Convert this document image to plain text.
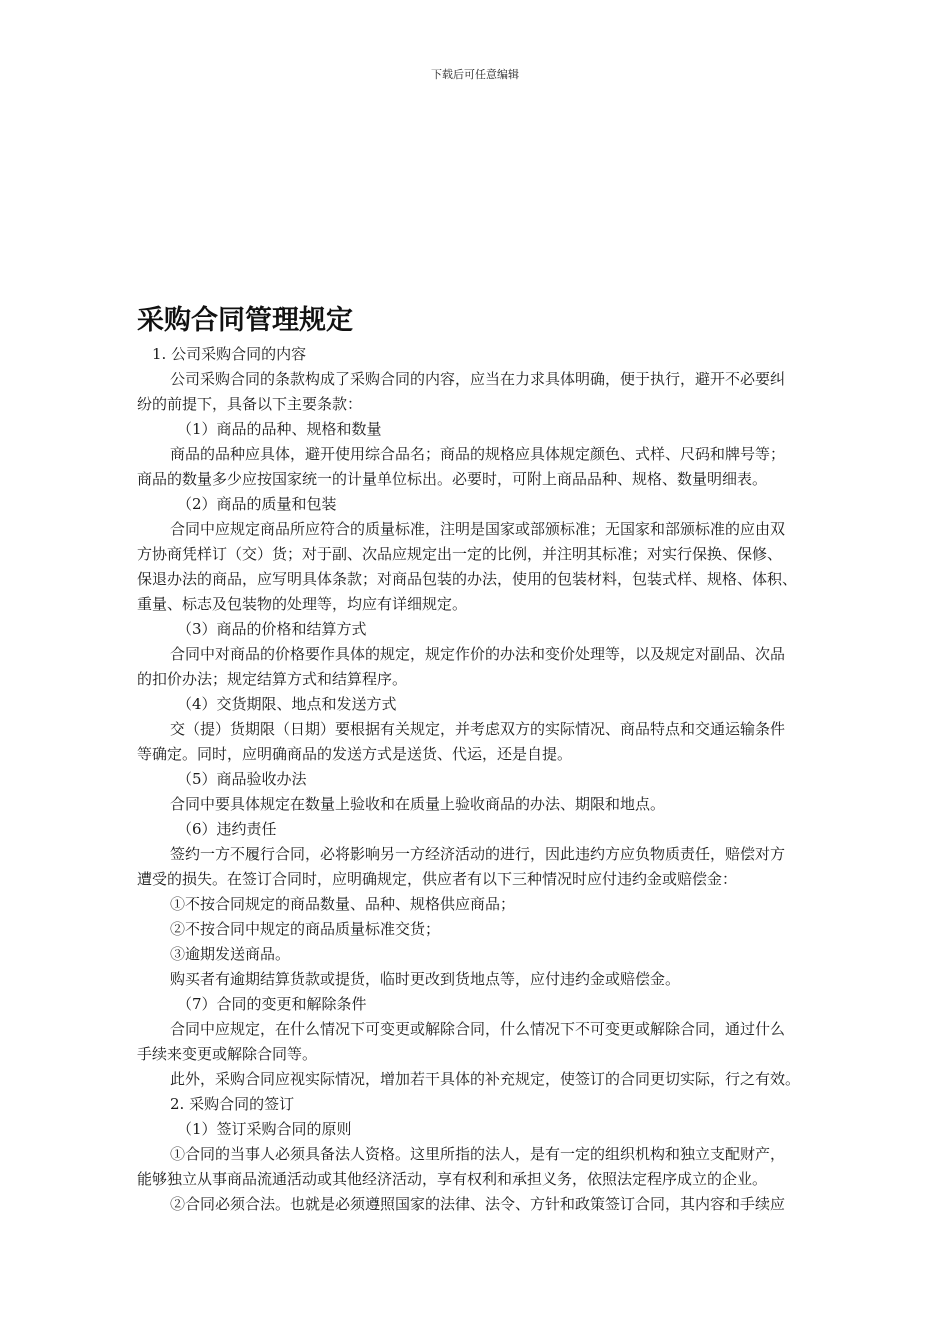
下载后可任意编辑
采购合同管理规定
1. 公司采购合同的内容
公司采购合同的条款构成了采购合同的内容，应当在力求具体明确，便于执行，避开不必要纠
纷的前提下，具备以下主要条款：
（1）商品的品种、规格和数量
商品的品种应具体，避开使用综合品名；商品的规格应具体规定颜色、式样、尺码和牌号等；
商品的数量多少应按国家统一的计量单位标出。必要时，可附上商品品种、规格、数量明细表。
（2）商品的质量和包装
合同中应规定商品所应符合的质量标准，注明是国家或部颁标准；无国家和部颁标准的应由双
方协商凭样订（交）货；对于副、次品应规定出一定的比例，并注明其标准；对实行保换、保修、
保退办法的商品，应写明具体条款；对商品包装的办法，使用的包装材料，包装式样、规格、体积、
重量、标志及包装物的处理等，均应有详细规定。
（3）商品的价格和结算方式
合同中对商品的价格要作具体的规定，规定作价的办法和变价处理等，以及规定对副品、次品
的扣价办法；规定结算方式和结算程序。
（4）交货期限、地点和发送方式
交（提）货期限（日期）要根据有关规定，并考虑双方的实际情况、商品特点和交通运输条件
等确定。同时，应明确商品的发送方式是送货、代运，还是自提。
（5）商品验收办法
合同中要具体规定在数量上验收和在质量上验收商品的办法、期限和地点。
（6）违约责任
签约一方不履行合同，必将影响另一方经济活动的进行，因此违约方应负物质责任，赔偿对方
遭受的损失。在签订合同时，应明确规定，供应者有以下三种情况时应付违约金或赔偿金：
①不按合同规定的商品数量、品种、规格供应商品；
②不按合同中规定的商品质量标准交货；
③逾期发送商品。
购买者有逾期结算货款或提货，临时更改到货地点等，应付违约金或赔偿金。
（7）合同的变更和解除条件
合同中应规定，在什么情况下可变更或解除合同，什么情况下不可变更或解除合同，通过什么
手续来变更或解除合同等。
此外，采购合同应视实际情况，增加若干具体的补充规定，使签订的合同更切实际，行之有效。
2. 采购合同的签订
（1）签订采购合同的原则
①合同的当事人必须具备法人资格。这里所指的法人，是有一定的组织机构和独立支配财产，
能够独立从事商品流通活动或其他经济活动，享有权利和承担义务，依照法定程序成立的企业。
②合同必须合法。也就是必须遵照国家的法律、法令、方针和政策签订合同，其内容和手续应
